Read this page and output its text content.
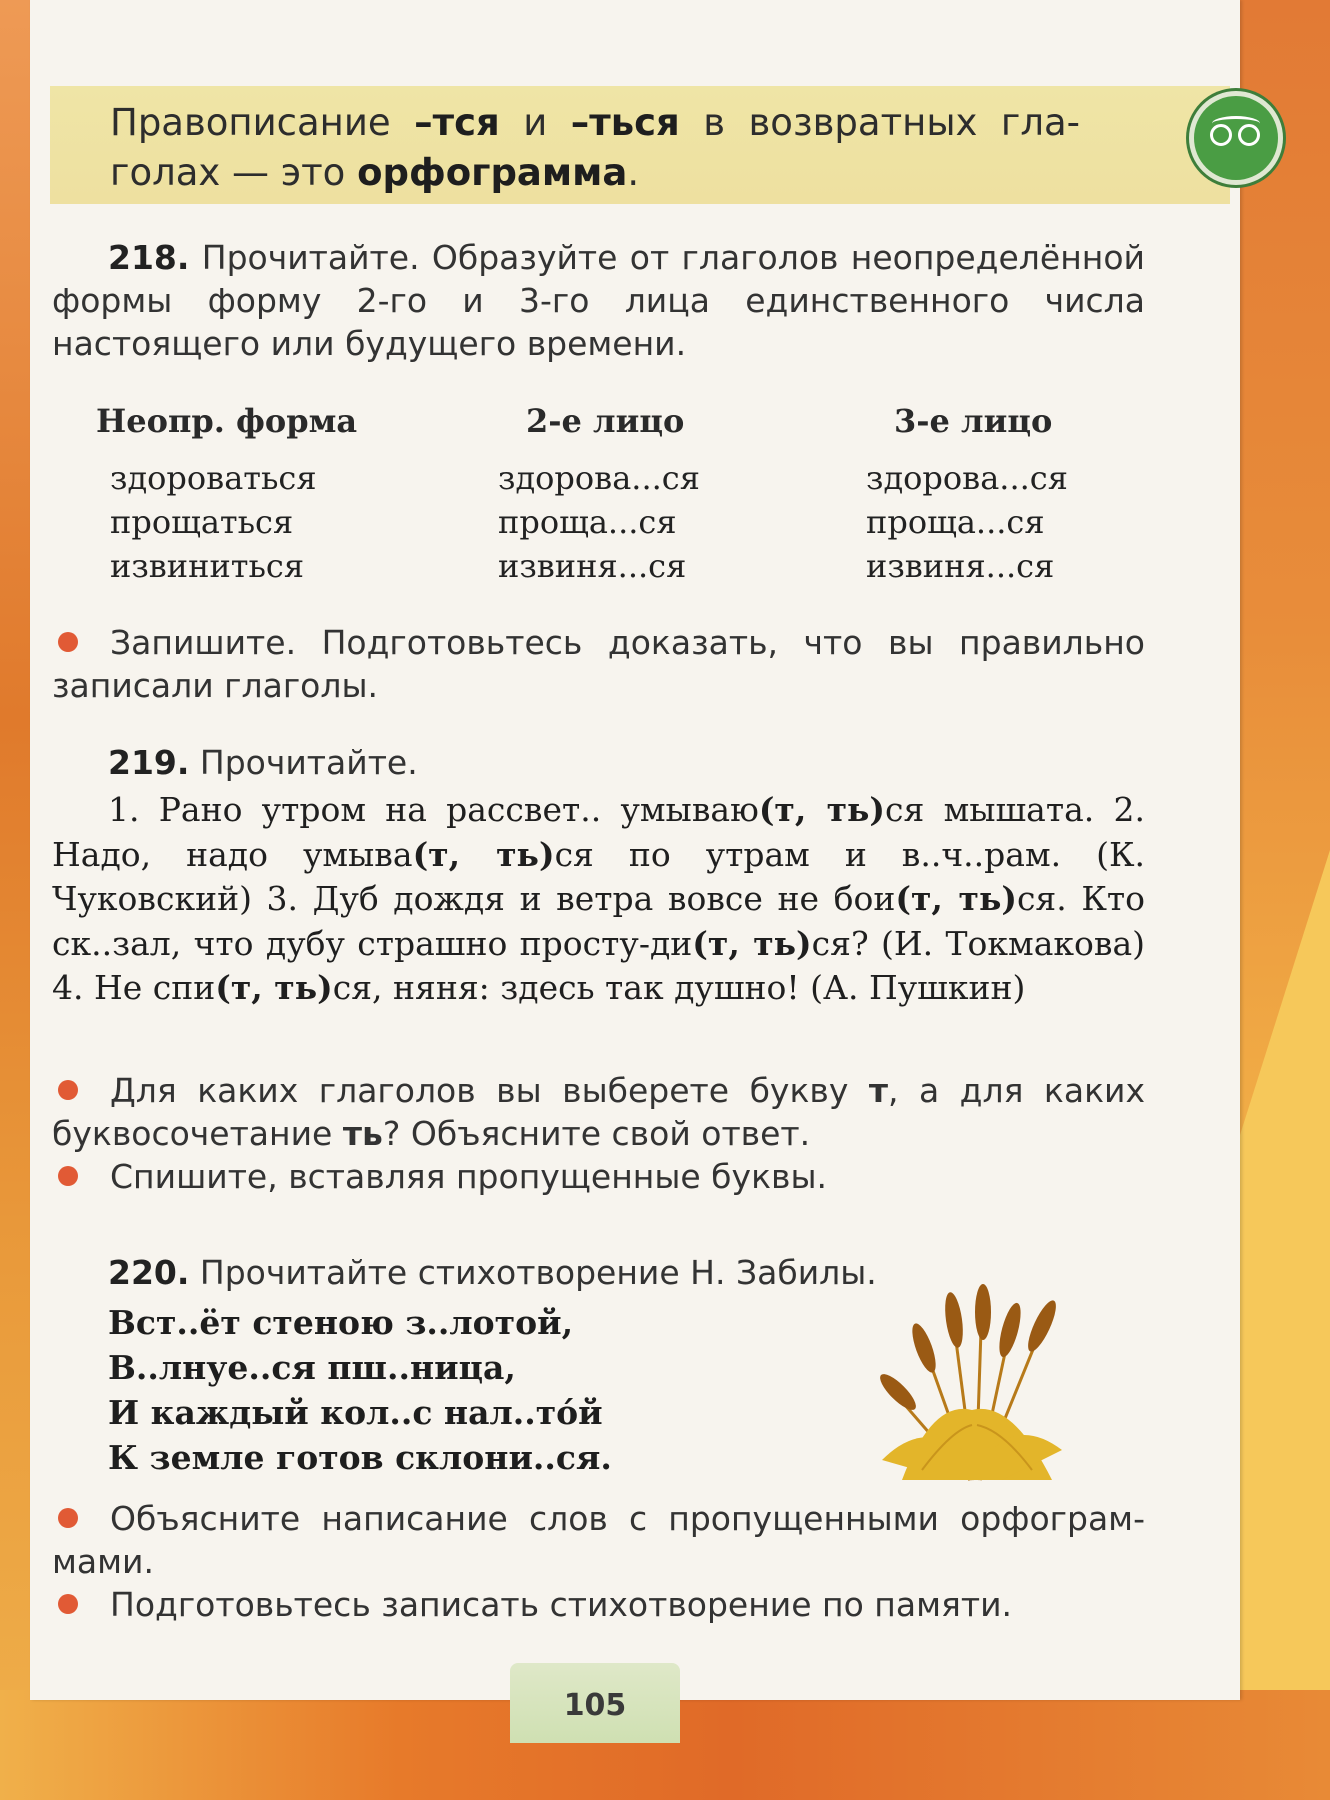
Правописание –тся и –ться в возвратных гла-голах — это орфограмма.
218. Прочитайте. Образуйте от глаголов неопределённой формы форму 2-го и 3-го лица единственного числа настоящего или будущего времени.
Неопр. форма	2-е лицо	3-е лицо
здороваться
прощаться
извиниться
здорова...ся
проща...ся
извиня...ся
здорова...ся
проща...ся
извиня...ся
Запишите. Подготовьтесь доказать, что вы правильно записали глаголы.
219. Прочитайте.
1. Рано утром на рассвет.. умываю(т, ть)ся мышата. 2. Надо, надо умыва(т, ть)ся по утрам и в..ч..рам. (К. Чуковский) 3. Дуб дождя и ветра вовсе не бои(т, ть)ся. Кто ск..зал, что дубу страшно просту-ди(т, ть)ся? (И. Токмакова) 4. Не спи(т, ть)ся, няня: здесь так душно! (А. Пушкин)
Для каких глаголов вы выберете букву т, а для каких буквосочетание ть? Объясните свой ответ.
Спишите, вставляя пропущенные буквы.
220. Прочитайте стихотворение Н. Забилы.
Вст..ёт стеною з..лотой,
В..лнуе..ся пш..ница,
И каждый кол..с нал..то́й
К земле готов склони..ся.
Объясните написание слов с пропущенными орфограм-мами.
Подготовьтесь записать стихотворение по памяти.
105
